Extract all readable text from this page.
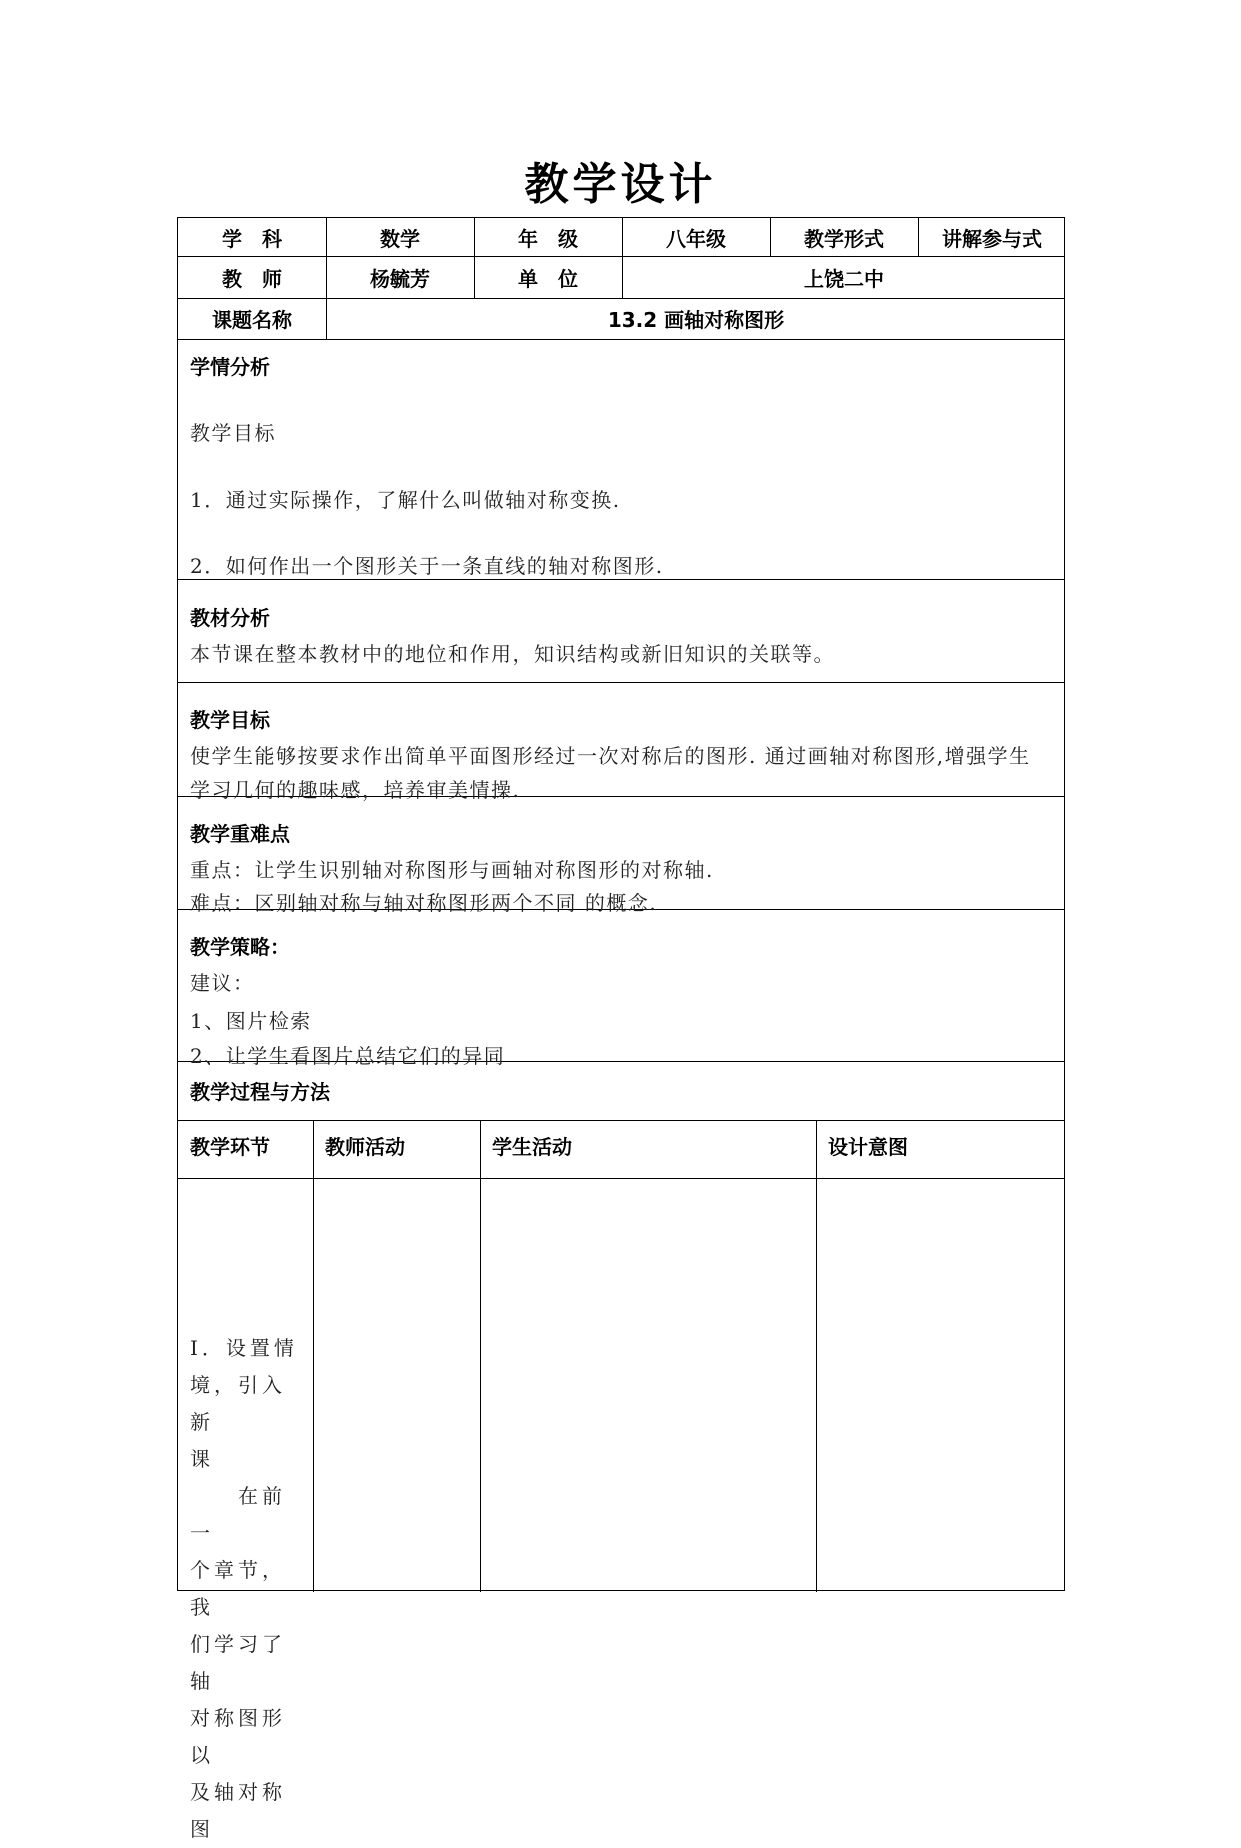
教学设计
学　科	数学	年　级	八年级	教学形式	讲解参与式
教　师	杨毓芳	单　位	上饶二中
课题名称	13.2 画轴对称图形
学情分析
教学目标
1．通过实际操作，了解什么叫做轴对称变换.
2．如何作出一个图形关于一条直线的轴对称图形.
教材分析
本节课在整本教材中的地位和作用，知识结构或新旧知识的关联等。
教学目标
使学生能够按要求作出简单平面图形经过一次对称后的图形. 通过画轴对称图形,增强学生
学习几何的趣味感，培养审美情操.
教学重难点
重点：让学生识别轴对称图形与画轴对称图形的对称轴.
难点：区别轴对称与轴对称图形两个不同 的概念.
教学策略：
建议：
1、图片检索
2、让学生看图片总结它们的异同
教学过程与方法
教学环节	教师活动	学生活动	设计意图
Ⅰ．设置情
境，引入新
课
　　在前一
个章节，我
们学习了轴
对称图形以
及轴对称图
